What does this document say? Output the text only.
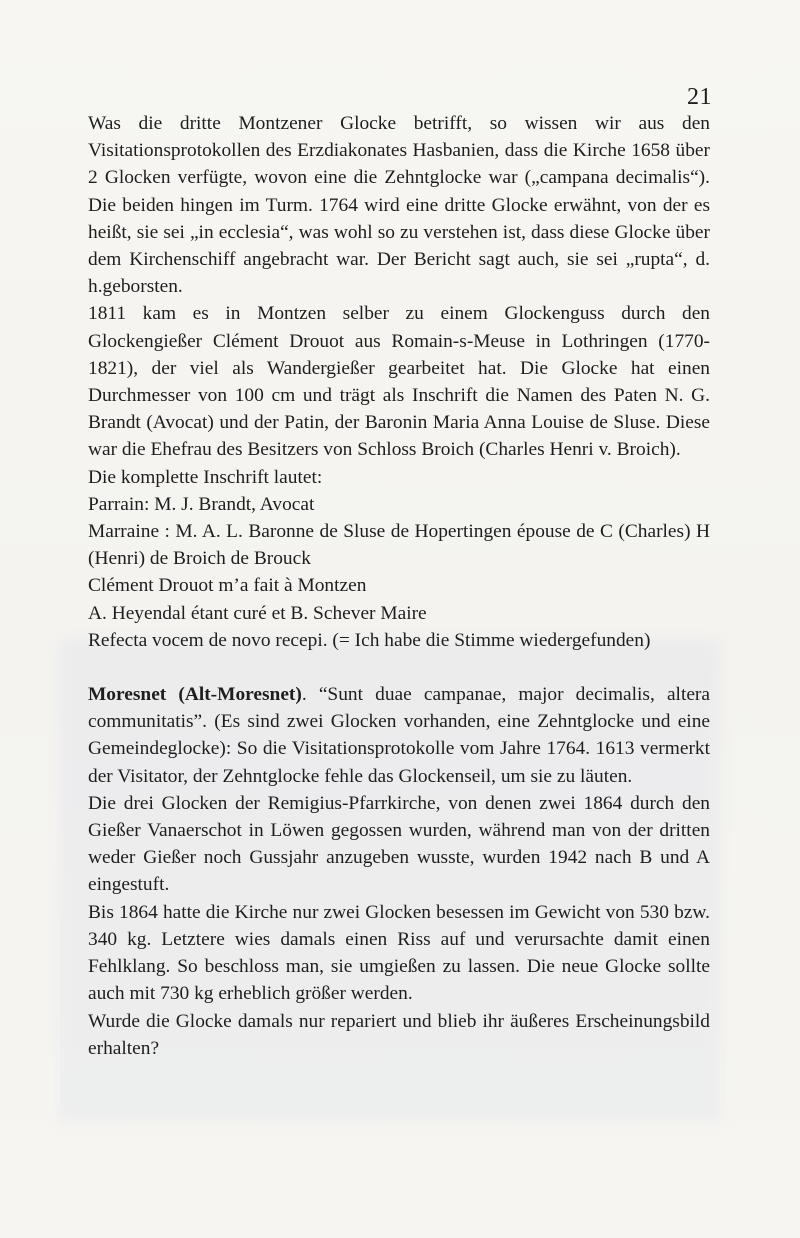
21

Was die dritte Montzener Glocke betrifft, so wissen wir aus den Visitationsprotokollen des Erzdiakonates Hasbanien, dass die Kirche 1658 über 2 Glocken verfügte, wovon eine die Zehntglocke war („campana decimalis“). Die beiden hingen im Turm. 1764 wird eine dritte Glocke erwähnt, von der es heißt, sie sei „in ecclesia“, was wohl so zu verstehen ist, dass diese Glocke über dem Kirchenschiff angebracht war. Der Bericht sagt auch, sie sei „rupta“, d. h.geborsten.

1811 kam es in Montzen selber zu einem Glockenguss durch den Glockengießer Clément Drouot aus Romain-s-Meuse in Lothringen (1770-1821), der viel als Wandergießer gearbeitet hat. Die Glocke hat einen Durchmesser von 100 cm und trägt als Inschrift die Namen des Paten N. G. Brandt (Avocat) und der Patin, der Baronin Maria Anna Louise de Sluse. Diese war die Ehefrau des Besitzers von Schloss Broich (Charles Henri v. Broich).

Die komplette Inschrift lautet:

Parrain: M. J. Brandt, Avocat

Marraine : M. A. L. Baronne de Sluse de Hopertingen épouse de C (Charles) H (Henri) de Broich de Brouck

Clément Drouot m’a fait à Montzen

A. Heyendal étant curé et B. Schever Maire

Refecta vocem de novo recepi. (= Ich habe die Stimme wiedergefunden)

Moresnet (Alt-Moresnet). “Sunt duae campanae, major decimalis, altera communitatis”. (Es sind zwei Glocken vorhanden, eine Zehntglocke und eine Gemeindeglocke): So die Visitationsprotokolle vom Jahre 1764. 1613 vermerkt der Visitator, der Zehntglocke fehle das Glockenseil, um sie zu läuten.

Die drei Glocken der Remigius-Pfarrkirche, von denen zwei 1864 durch den Gießer Vanaerschot in Löwen gegossen wurden, während man von der dritten weder Gießer noch Gussjahr anzugeben wusste, wurden 1942 nach B und A eingestuft.

Bis 1864 hatte die Kirche nur zwei Glocken besessen im Gewicht von 530 bzw. 340 kg. Letztere wies damals einen Riss auf und verursachte damit einen Fehlklang. So beschloss man, sie umgießen zu lassen. Die neue Glocke sollte auch mit 730 kg erheblich größer werden.

Wurde die Glocke damals nur repariert und blieb ihr äußeres Erscheinungsbild erhalten?
